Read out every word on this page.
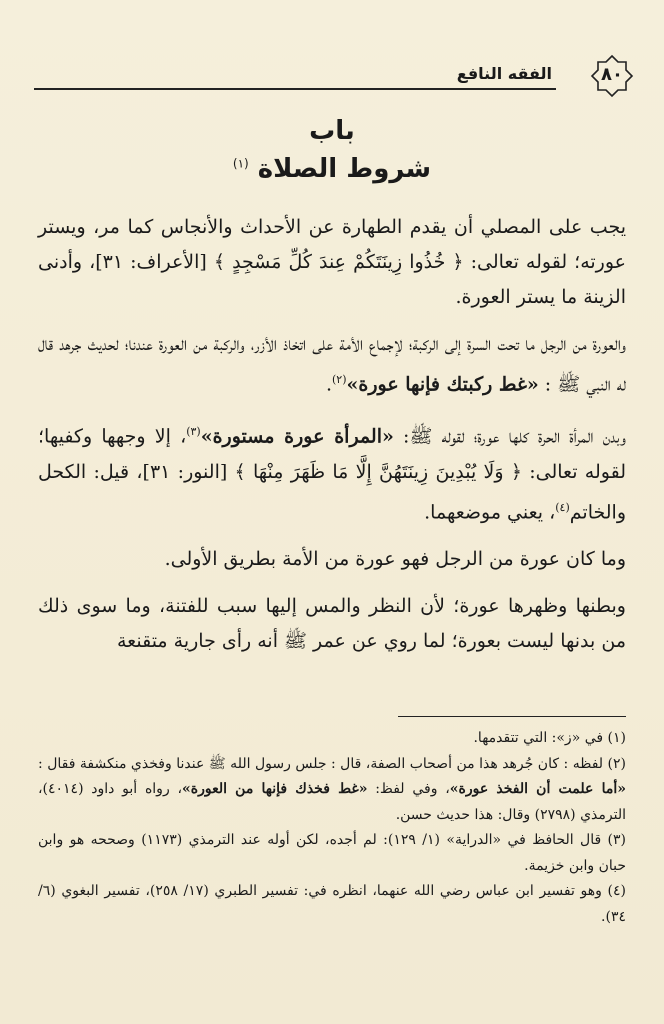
الفقه النافع	٨٠
باب
شروط الصلاة $^{(١)}$

يجب على المصلي أن يقدم الطهارة عن الأحداث والأنجاس كما مر، ويستر عورته؛ لقوله تعالى: ﴿ خُذُوا زِينَتَكُمْ عِندَ كُلِّ مَسْجِدٍ ﴾ [الأعراف: ٣١]، وأدنى الزينة ما يستر العورة.

والعورة من الرجل ما تحت السرة إلى الركبة؛ لإجماع الأمة على اتخاذ الأزر، والركبة من العورة عندنا؛ لحديث جرهد قال له النبي ﷺ : «غط ركبتك فإنها عورة»$^{(٢)}$.

وبدن المرأة الحرة كلها عورة؛ لقوله ﷺ: «المرأة عورة مستورة»$^{(٣)}$، إلا وجهها وكفيها؛ لقوله تعالى: ﴿ وَلَا يُبْدِينَ زِينَتَهُنَّ إِلَّا مَا ظَهَرَ مِنْهَا ﴾ [النور: ٣١]، قيل: الكحل والخاتم$^{(٤)}$، يعني موضعهما.

وما كان عورة من الرجل فهو عورة من الأمة بطريق الأولى.

وبطنها وظهرها عورة؛ لأن النظر والمس إليها سبب للفتنة، وما سوى ذلك من بدنها ليست بعورة؛ لما روي عن عمر ﷺ أنه رأى جارية متقنعة

(١) في «ز»: التي تتقدمها.

(٢) لفظه : كان جُرهد هذا من أصحاب الصفة، قال : جلس رسول الله ﷺ عندنا وفخذي منكشفة فقال : «أما علمت أن الفخذ عورة»، وفي لفظ: «غط فخذك فإنها من العورة»، رواه أبو داود (٤٠١٤)، الترمذي (٢٧٩٨) وقال: هذا حديث حسن.

(٣) قال الحافظ في «الدراية» (١/ ١٢٩): لم أجده، لكن أوله عند الترمذي (١١٧٣) وصححه هو وابن حبان وابن خزيمة.

(٤) وهو تفسير ابن عباس رضي الله عنهما، انظره في: تفسير الطبري (١٧/ ٢٥٨)، تفسير البغوي (٦/ ٣٤).
